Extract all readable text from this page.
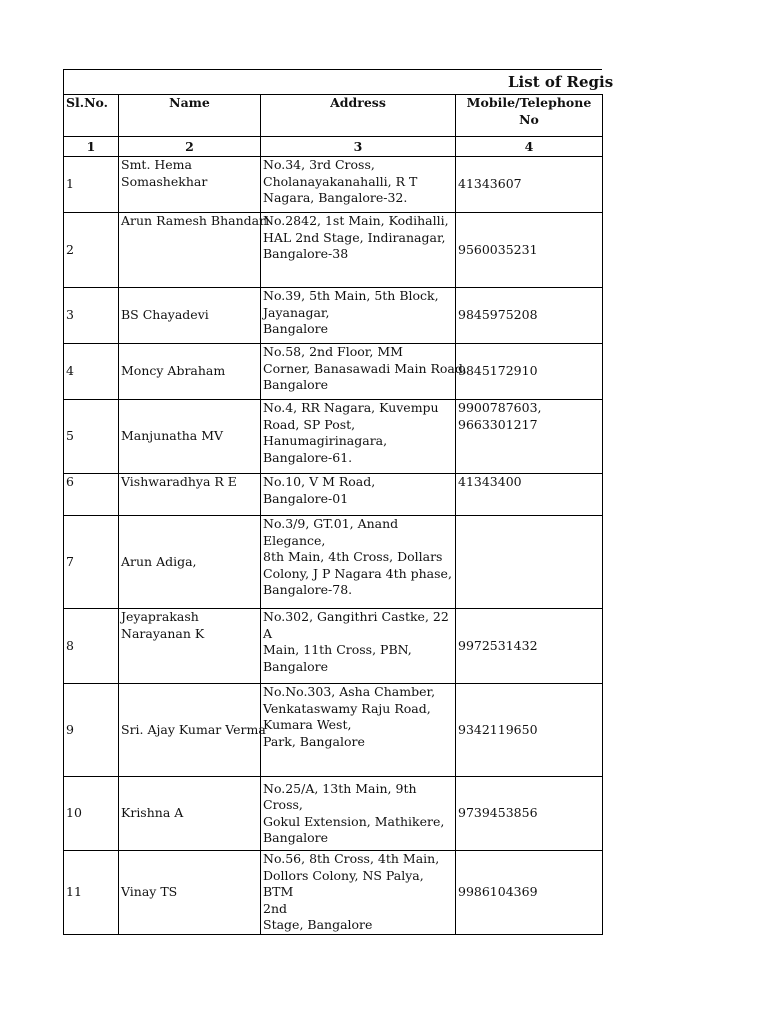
List of Regis
Sl.No.	Name	Address	Mobile/Telephone No
1	2	3	4
1	Smt. Hema Somashekhar	No.34, 3rd Cross,
Cholanayakanahalli, R T
Nagara, Bangalore-32.	41343607

2	Arun Ramesh Bhandari	No.2842, 1st Main, Kodihalli,
HAL 2nd Stage, Indiranagar,
Bangalore-38	9560035231

3	BS Chayadevi	No.39, 5th Main, 5th Block,
Jayanagar,
Bangalore	9845975208

4	Moncy Abraham	No.58, 2nd Floor, MM
Corner, Banasawadi Main Road,
Bangalore	9845172910

5	Manjunatha MV	No.4, RR Nagara, Kuvempu
Road, SP Post,
Hanumagirinagara,
Bangalore-61.	9900787603,
9663301217

6	Vishwaradhya R E	No.10, V M Road,
Bangalore-01	41343400

7	Arun Adiga,	No.3/9, GT.01, Anand Elegance,
8th Main, 4th Cross, Dollars
Colony, J P Nagara 4th phase,
Bangalore-78.	

8	Jeyaprakash Narayanan K	No.302, Gangithri Castke, 22 A
Main, 11th Cross, PBN,
Bangalore	9972531432

9	Sri. Ajay Kumar Verma	No.No.303, Asha Chamber,
Venkataswamy Raju Road,
Kumara West,
Park, Bangalore	9342119650

10	Krishna A	No.25/A, 13th Main, 9th Cross,
Gokul Extension, Mathikere,
Bangalore	9739453856

11	Vinay TS	No.56, 8th Cross, 4th Main,
Dollors Colony, NS Palya, BTM
2nd
Stage, Bangalore	9986104369
